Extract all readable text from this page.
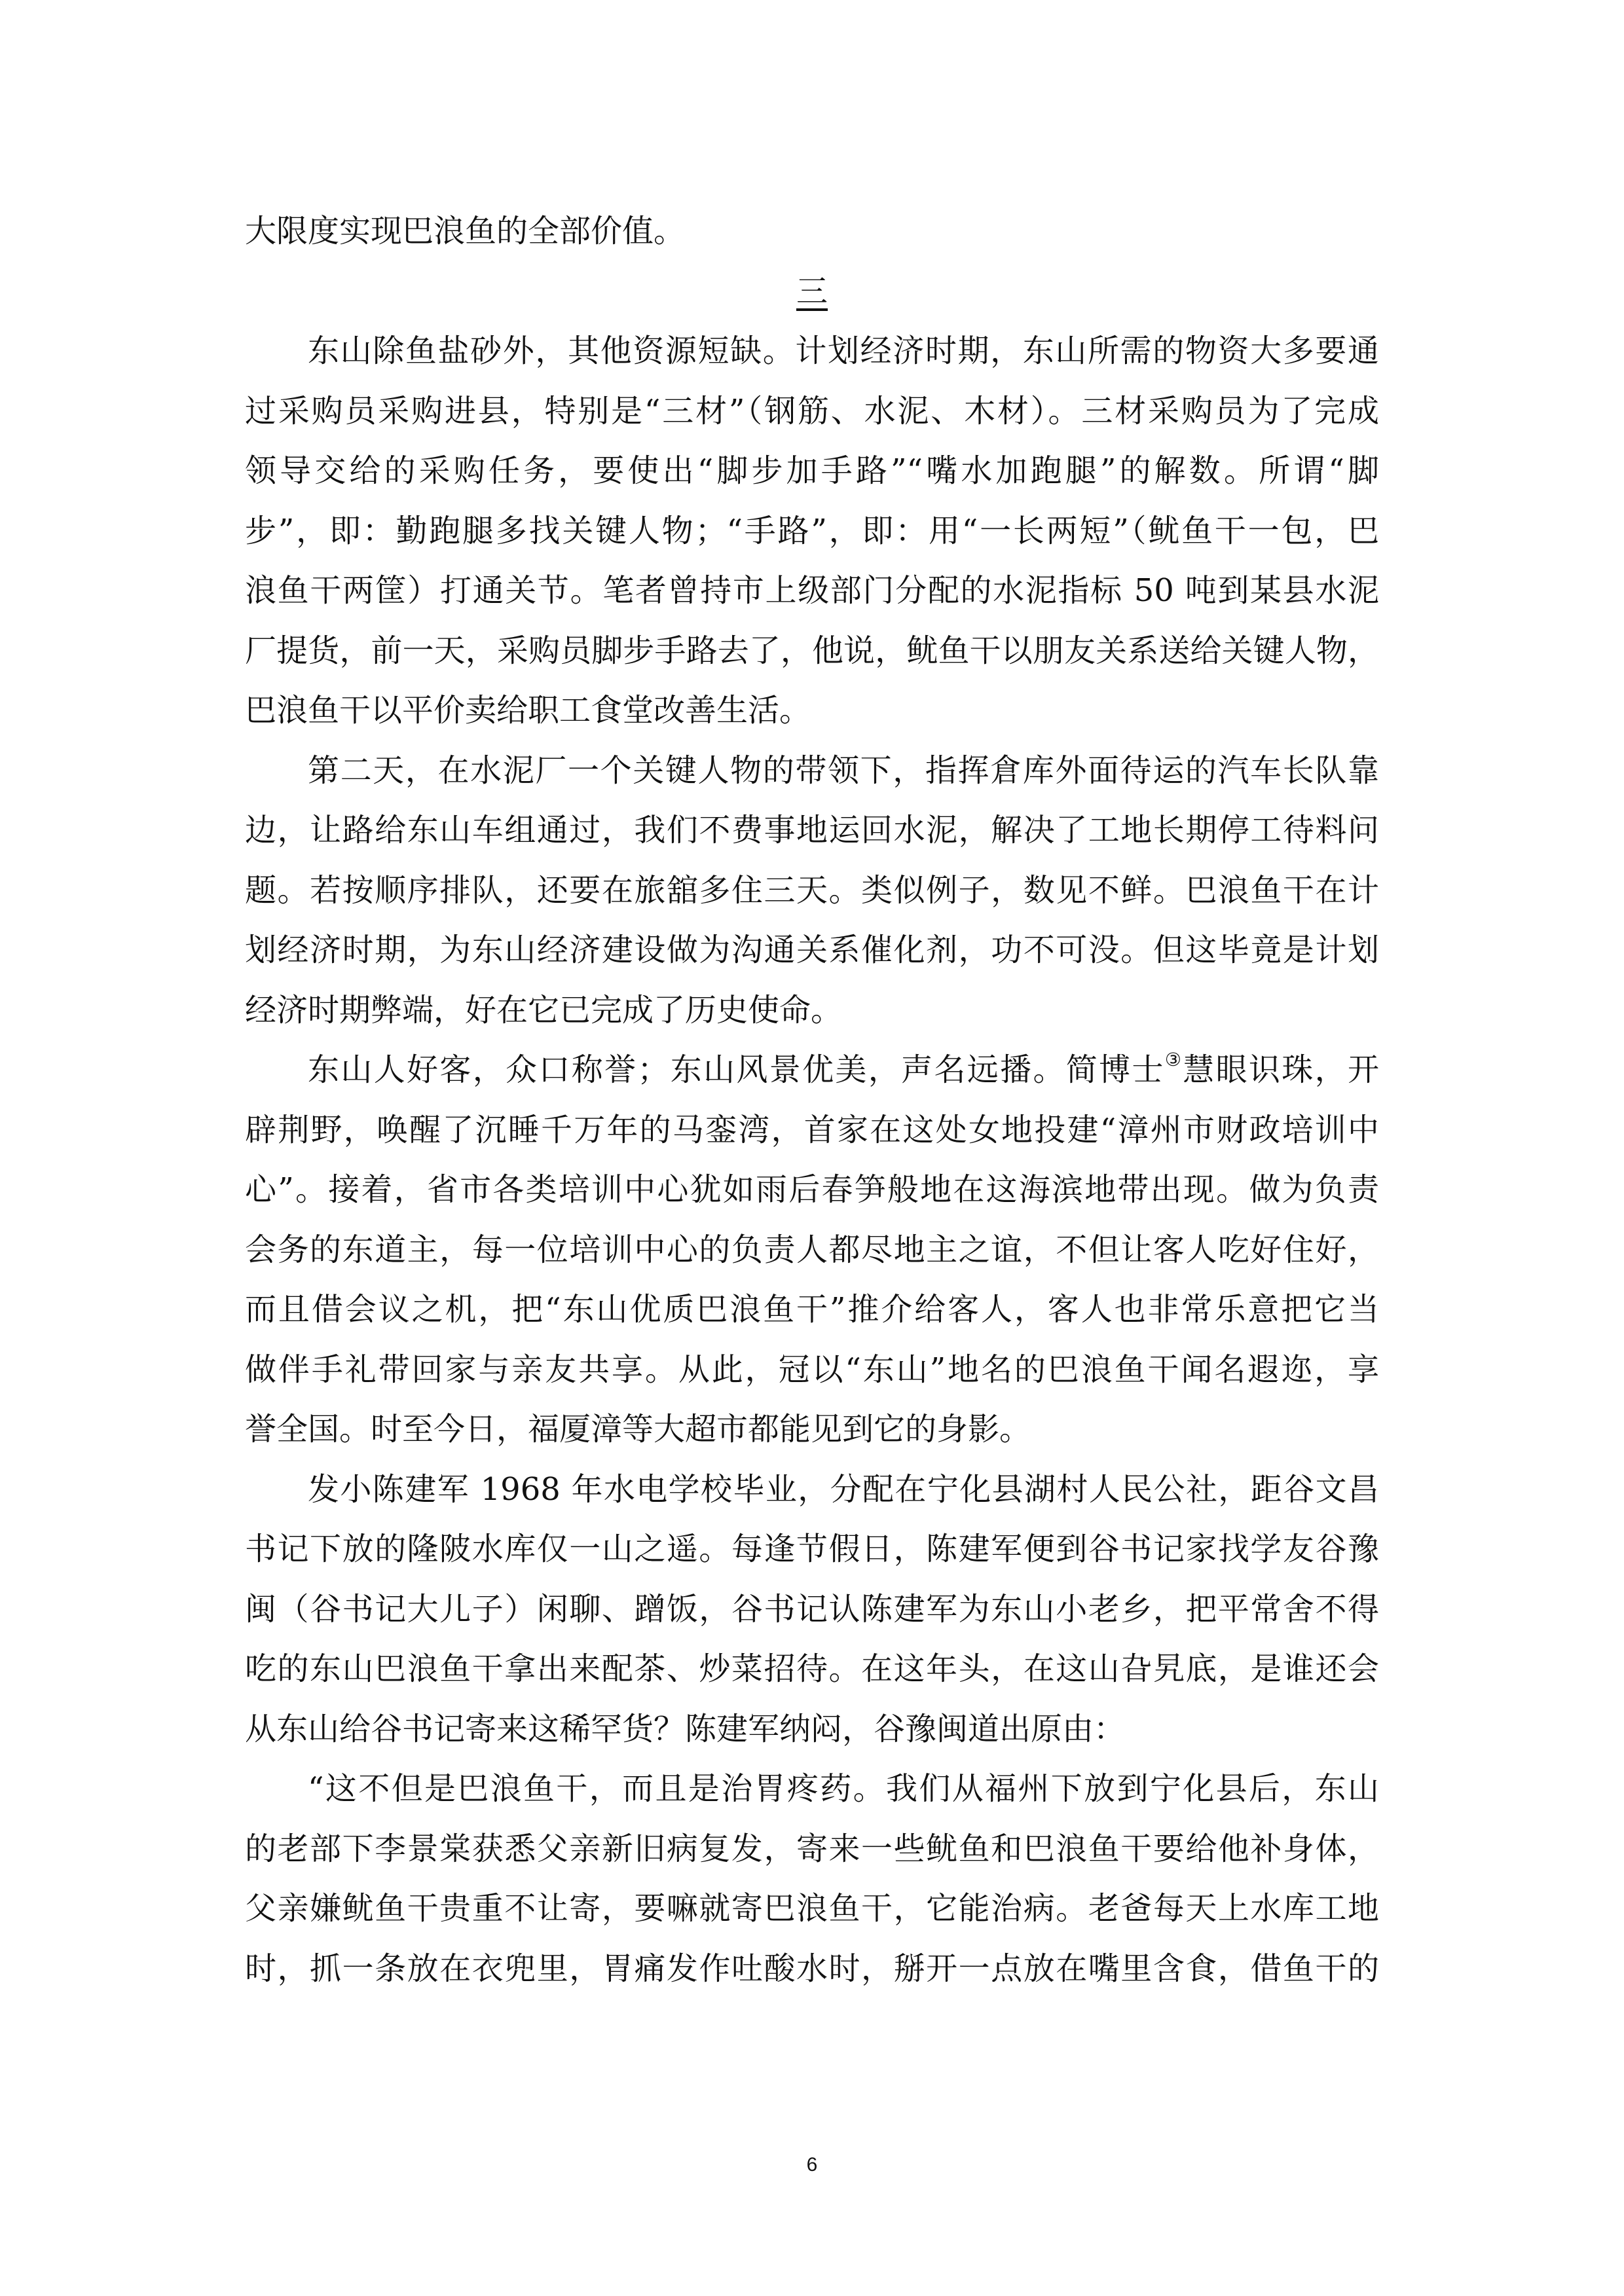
大限度实现巴浪鱼的全部价值。
三
东山除鱼盐砂外，其他资源短缺。计划经济时期，东山所需的物资大多要通
过采购员采购进县，特别是“三材”（钢筋、水泥、木材）。三材采购员为了完成
领导交给的采购任务，要使出“脚步加手路”“嘴水加跑腿”的解数。所谓“脚
步”，即：勤跑腿多找关键人物；“手路”，即：用“一长两短”（鱿鱼干一包，巴
浪鱼干两筐）打通关节。笔者曾持市上级部门分配的水泥指标 50 吨到某县水泥
厂提货，前一天，采购员脚步手路去了，他说，鱿鱼干以朋友关系送给关键人物，
巴浪鱼干以平价卖给职工食堂改善生活。
第二天，在水泥厂一个关键人物的带领下，指挥倉库外面待运的汽车长队靠
边，让路给东山车组通过，我们不费事地运回水泥，解决了工地长期停工待料问
题。若按顺序排队，还要在旅舘多住三天。类似例子，数见不鲜。巴浪鱼干在计
划经济时期，为东山经济建设做为沟通关系催化剂，功不可没。但这毕竟是计划
经济时期弊端，好在它已完成了历史使命。
东山人好客，众口称誉；东山风景优美，声名远播。简博士③慧眼识珠，开
辟荆野，唤醒了沉睡千万年的马銮湾，首家在这处女地投建“漳州市财政培训中
心”。接着，省市各类培训中心犹如雨后春笋般地在这海滨地带出现。做为负责
会务的东道主，每一位培训中心的负责人都尽地主之谊，不但让客人吃好住好，
而且借会议之机，把“东山优质巴浪鱼干”推介给客人，客人也非常乐意把它当
做伴手礼带回家与亲友共享。从此，冠以“东山”地名的巴浪鱼干闻名遐迩，享
誉全国。时至今日，福厦漳等大超市都能见到它的身影。
发小陈建军 1968 年水电学校毕业，分配在宁化县湖村人民公社，距谷文昌
书记下放的隆陂水库仅一山之遥。每逢节假日，陈建军便到谷书记家找学友谷豫
闽（谷书记大儿子）闲聊、蹭饭，谷书记认陈建军为东山小老乡，把平常舍不得
吃的东山巴浪鱼干拿出来配茶、炒菜招待。在这年头，在这山旮旯底，是谁还会
从东山给谷书记寄来这稀罕货？陈建军纳闷，谷豫闽道出原由：
“这不但是巴浪鱼干，而且是治胃疼药。我们从福州下放到宁化县后，东山
的老部下李景棠获悉父亲新旧病复发，寄来一些鱿鱼和巴浪鱼干要给他补身体，
父亲嫌鱿鱼干贵重不让寄，要嘛就寄巴浪鱼干，它能治病。老爸每天上水库工地
时，抓一条放在衣兜里，胃痛发作吐酸水时，掰开一点放在嘴里含食，借鱼干的
6
